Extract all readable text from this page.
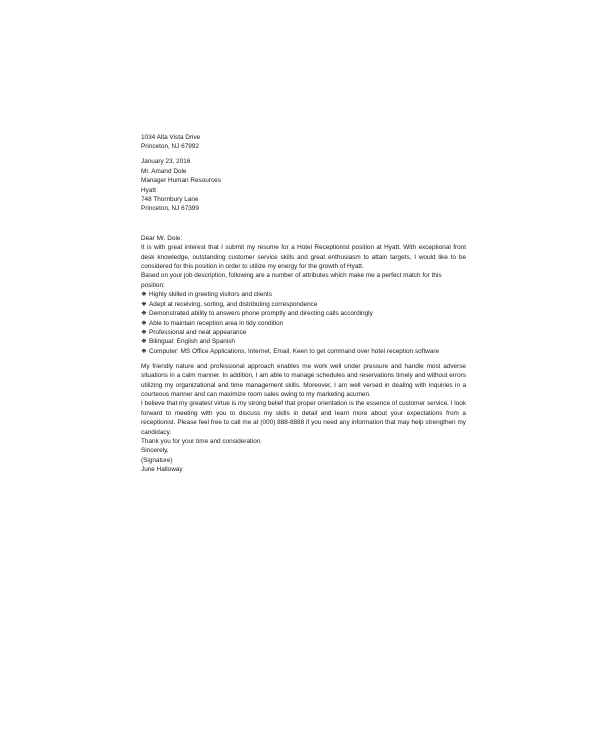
1034 Alta Vista Drive

Princeton, NJ 67992

January 23, 2016

Mr. Amand Dole

Manager Human Resources

Hyatt

748 Thornbury Lane

Princeton, NJ 67399

Dear Mr. Dole:

It is with great interest that I submit my resume for a Hotel Receptionist position at Hyatt. With exceptional front desk knowledge, outstanding customer service skills and great enthusiasm to attain targets, I would like to be considered for this position in order to utilize my energy for the growth of Hyatt.

Based on your job description, following are a number of attributes which make me a perfect match for this position:

❖ Highly skilled in greeting visitors and clients
❖ Adept at receiving, sorting, and distributing correspondence
❖ Demonstrated ability to answers phone promptly and directing calls accordingly
❖ Able to maintain reception area in tidy condition
❖ Professional and neat appearance
❖ Bilingual: English and Spanish
❖ Computer: MS Office Applications, Internet, Email. Keen to get command over hotel reception software

My friendly nature and professional approach enables me work well under pressure and handle most adverse situations in a calm manner. In addition, I am able to manage schedules and reservations timely and without errors utilizing my organizational and time management skills. Moreover, I am well versed in dealing with inquiries in a courteous manner and can maximize room sales owing to my marketing acumen.

I believe that my greatest virtue is my strong belief that proper orientation is the essence of customer service. I look forward to meeting with you to discuss my skills in detail and learn more about your expectations from a receptionist. Please feel free to call me at (000) 888-8888 if you need any information that may help strengthen my candidacy.

Thank you for your time and consideration.

Sincerely,

(Signature)

June Halloway
